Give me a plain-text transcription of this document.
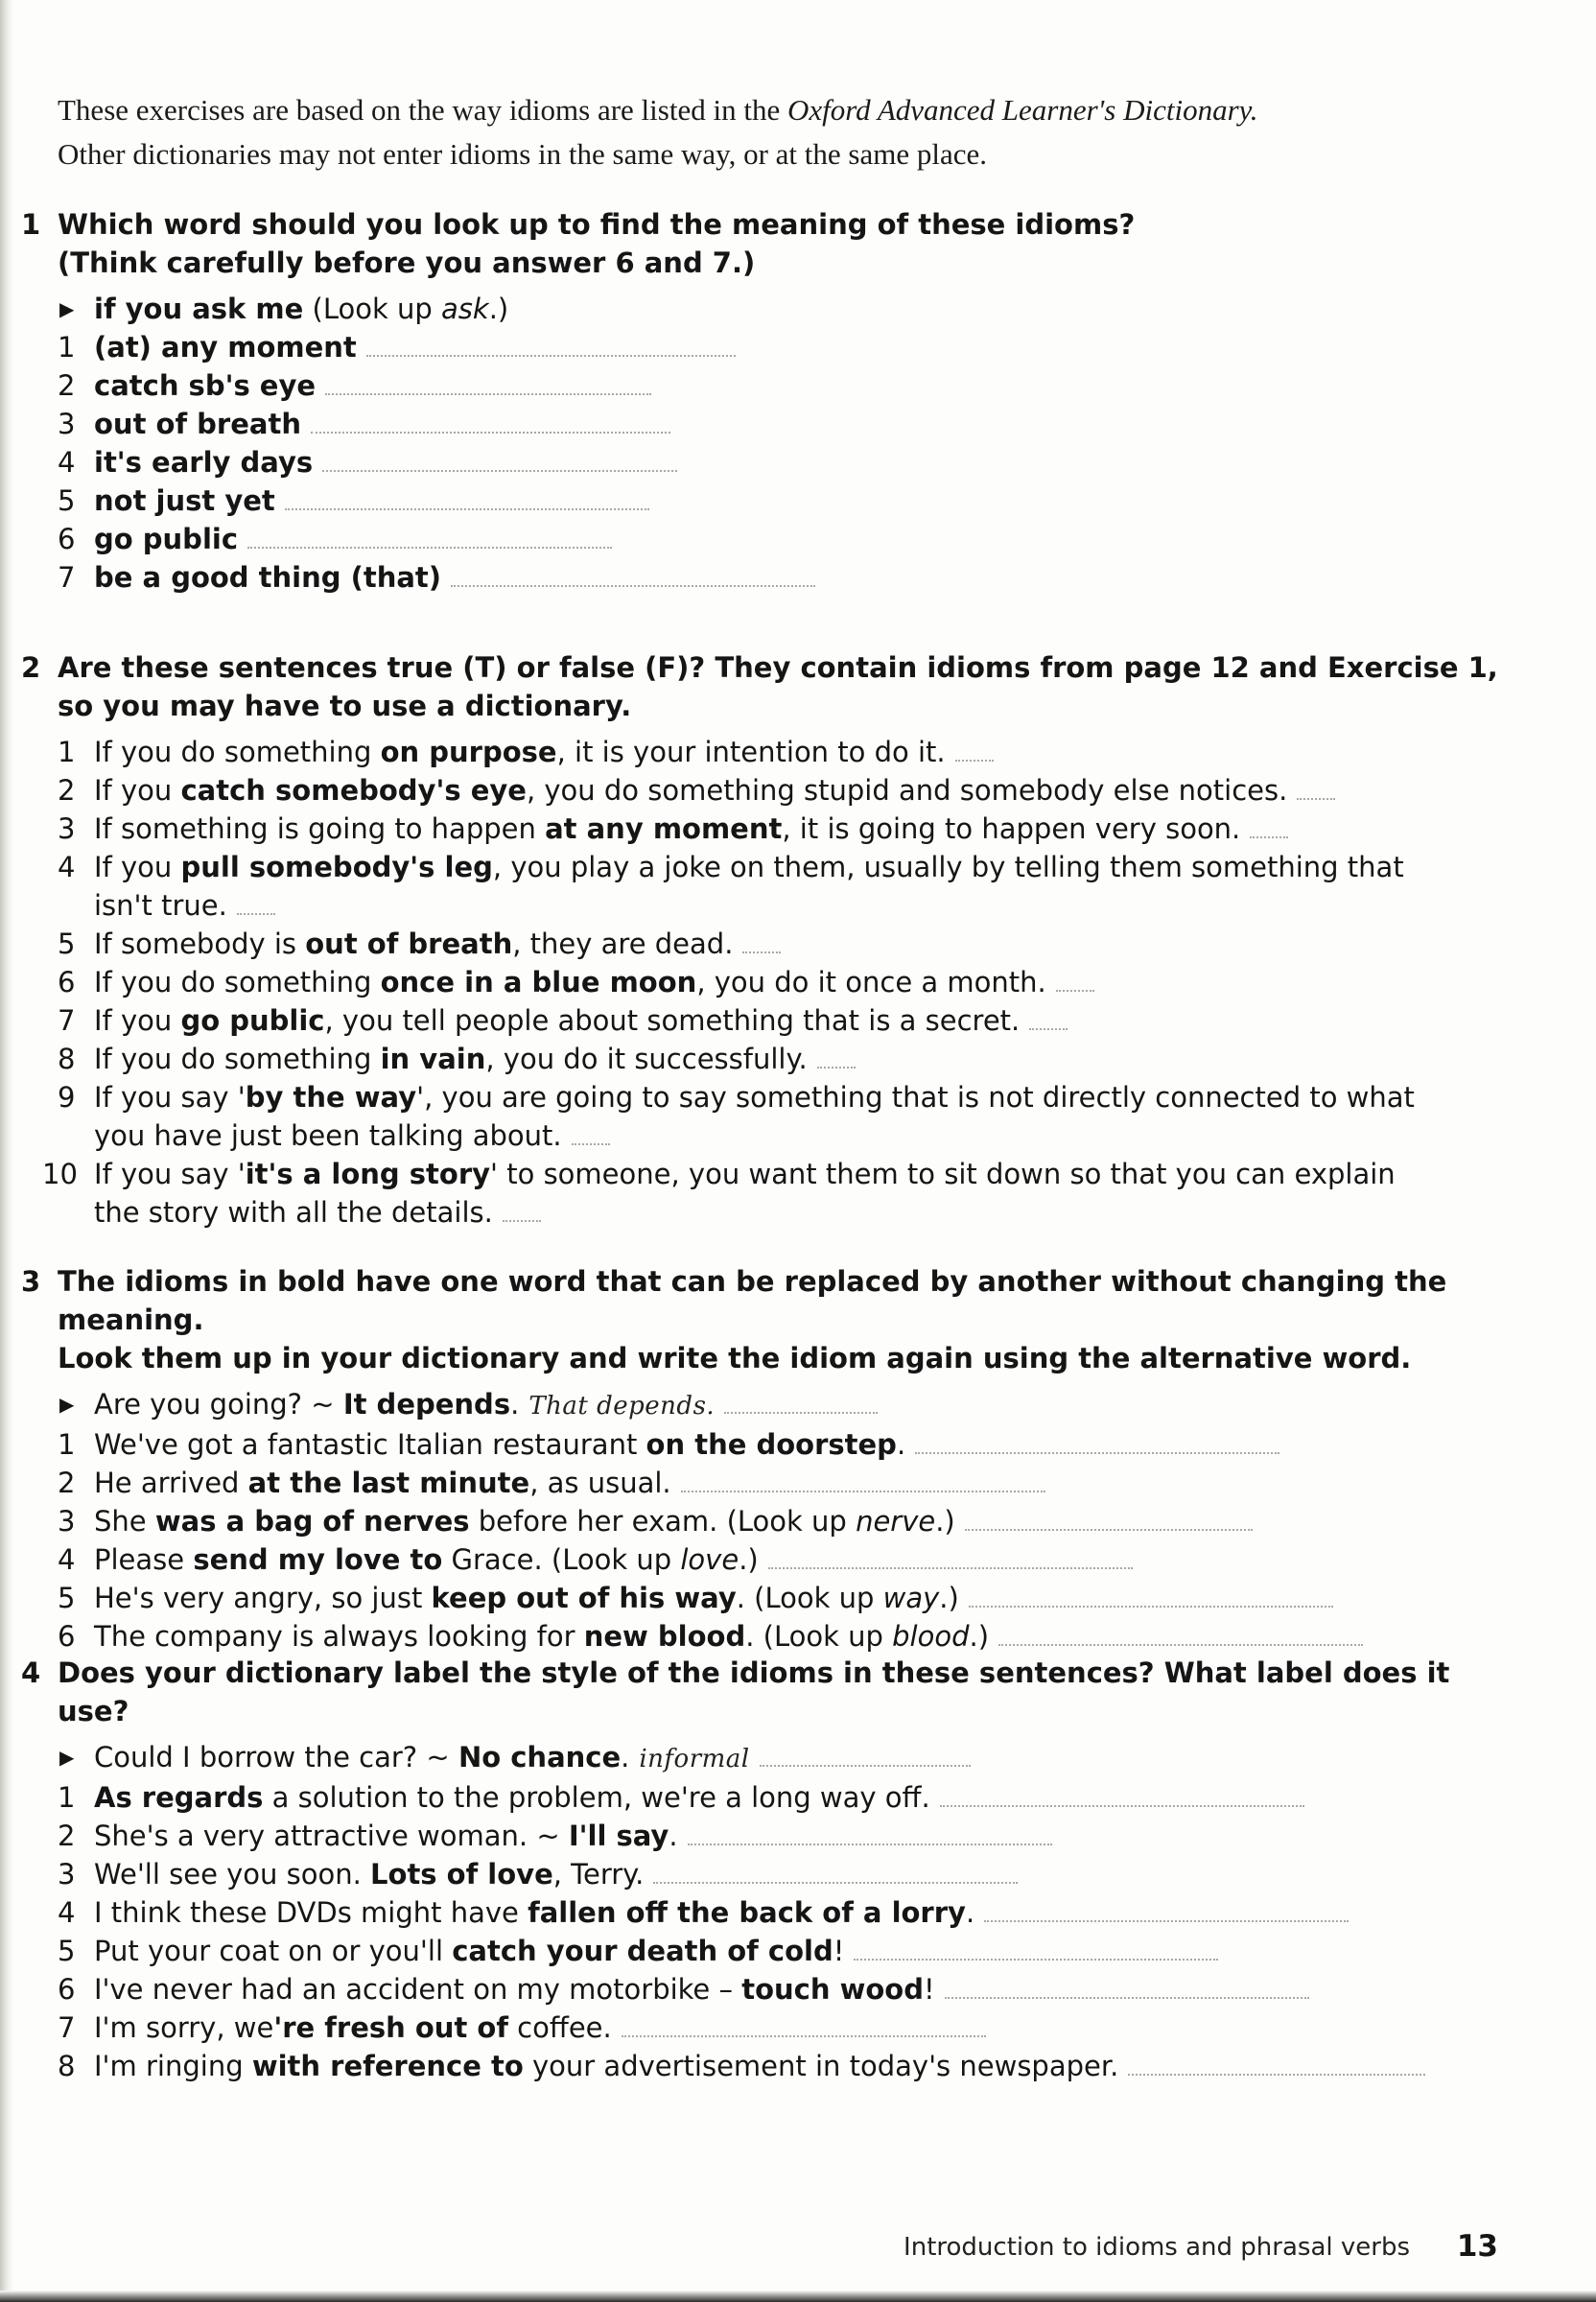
These exercises are based on the way idioms are listed in the Oxford Advanced Learner's Dictionary.

Other dictionaries may not enter idioms in the same way, or at the same place.

1 Which word should you look up to find the meaning of these idioms?
(Think carefully before you answer 6 and 7.)
▶ if you ask me (Look up ask.)
1 (at) any moment
2 catch sb's eye
3 out of breath
4 it's early days
5 not just yet
6 go public
7 be a good thing (that)
2 Are these sentences true (T) or false (F)? They contain idioms from page 12 and Exercise 1,
so you may have to use a dictionary.
1 If you do something on purpose, it is your intention to do it.
2 If you catch somebody's eye, you do something stupid and somebody else notices.
3 If something is going to happen at any moment, it is going to happen very soon.
4 If you pull somebody's leg, you play a joke on them, usually by telling them something that
isn't true.
5 If somebody is out of breath, they are dead.
6 If you do something once in a blue moon, you do it once a month.
7 If you go public, you tell people about something that is a secret.
8 If you do something in vain, you do it successfully.
9 If you say 'by the way', you are going to say something that is not directly connected to what
you have just been talking about.
10 If you say 'it's a long story' to someone, you want them to sit down so that you can explain
the story with all the details.
3 The idioms in bold have one word that can be replaced by another without changing the meaning.
Look them up in your dictionary and write the idiom again using the alternative word.
▶ Are you going? ~ It depends. That depends.
1 We've got a fantastic Italian restaurant on the doorstep.
2 He arrived at the last minute, as usual.
3 She was a bag of nerves before her exam. (Look up nerve.)
4 Please send my love to Grace. (Look up love.)
5 He's very angry, so just keep out of his way. (Look up way.)
6 The company is always looking for new blood. (Look up blood.)
4 Does your dictionary label the style of the idioms in these sentences? What label does it use?
▶ Could I borrow the car? ~ No chance. informal
1 As regards a solution to the problem, we're a long way off.
2 She's a very attractive woman. ~ I'll say.
3 We'll see you soon. Lots of love, Terry.
4 I think these DVDs might have fallen off the back of a lorry.
5 Put your coat on or you'll catch your death of cold!
6 I've never had an accident on my motorbike – touch wood!
7 I'm sorry, we're fresh out of coffee.
8 I'm ringing with reference to your advertisement in today's newspaper.
Introduction to idioms and phrasal verbs 13
